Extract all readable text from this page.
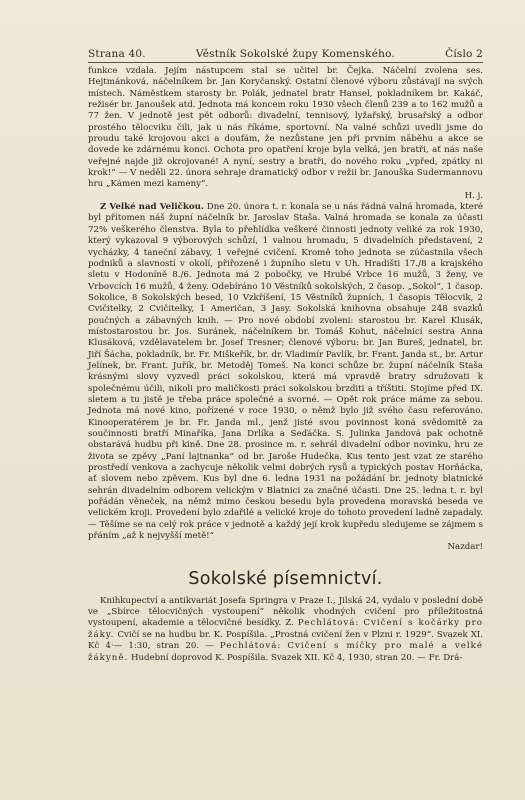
Strana 40.	Věstník Sokolské župy Komenského.	Číslo 2

funkce vzdala. Jejím nástupcem stal se učitel br. Čejka. Náčelní zvolena ses. Hejtmánková, náčelníkem br. Jan Koryčanský. Ostatní členové výboru zůstávají na svých místech. Náměstkem starosty br. Polák, jednatel bratr Hansel, pokladníkem br. Kakáč, režisér br. Janoušek atd. Jednota má koncem roku 1930 všech členů 239 a to 162 mužů a 77 žen. V jednotě jest pět odborů: divadelní, tennisový, lyžařský, brusařský a odbor prostého tělocviku čili, jak u nás říkáme, sportovní. Na valné schůzi uvedli jsme do proudu také krojovou akci a doufám, že nezůstane jen při prvním nāběhu a akce se dovede ke zdárnému konci. Ochota pro opatření kroje byla velká, jen bratři, ať nás naše veřejné najde již okrojované! A nyní, sestry a bratři, do nového roku „vpřed, zpátky ni krok!“ — V neděli 22. února sehraje dramatický odbor v režii br. Janouška Sudermannovu hru „Kámen mezi kameny“.

H. j.

Z Velké nad Veličkou. Dne 20. února t. r. konala se u nás řádná valná hromada, které byl přítomen náš župní náčelník br. Jaroslav Staša. Valná hromada se konala za účasti 72% veškerého členstva. Byla to přehlídka veškeré činnosti jednoty veliké za rok 1930, který vykazoval 9 výborových schůzí, 1 valnou hromadu, 5 divadelních představení, 2 vycházky, 4 taneční zábavy, 1 veřejné cvičení. Kromě toho jednota se zúčastnila všech podniků a slavností v okolí, přiřozeně i župního sletu v Uh. Hradišti 17./8 a krajského sletu v Hodoníně 8./6. Jednota má 2 pobočky, ve Hrubé Vrbce 16 mužů, 3 ženy, ve Vrbovcích 16 mužů, 4 ženy. Odebíráno 10 Věstníků sokolských, 2 časop. „Sokol“, 1 časop. Sokolice, 8 Sokolských besed, 10 Vzkříšení, 15 Věstníků župních, 1 časopis Tělocvik, 2 Cvičitelky, 2 Cvičitelky, 1 Američan, 3 Jasy. Sokolská knihovna obsahuje 248 svazků poučných a zábavných knih. — Pro nové období zvoleni: starostou br. Karel Klusák, místostarostou br. Jos. Suránek, náčelníkem br. Tomáš Kohut, náčelnicí sestra Anna Klusáková, vzdělavatelem br. Josef Tresner; členové výboru: br. Jan Bureš, jednatel, br. Jiří Šácha, pokladník, br. Fr. Miškeřík, br. dr. Vladimír Pavlík, br. Frant. Janda st., br. Artur Jelínek, br. Frant. Juřík, br. Metoděj Tomeš. Na konci schůze br. župní náčelník Staša krásnými slovy vyzvedl práci sokolskou, která má vpravdě bratry sdružovati k společnému účili, nikoli pro maličkosti práci sokolskou brzditi a tříštiti. Stojíme před IX. sletem a tu jistě je třeba práce společné a svorné. — Opět rok práce máme za sebou. Jednota má nové kino, pořízené v roce 1930, o němž bylo již svého času referováno. Kinooperatérem je br. Fr. Janda ml., jenž jisté svou povinnost koná svědomitě za součinnosti bratří Minaříka, Jana Drlíka a Seďáčka. S. Julinka Jandová pak ochotně obstarává hudbu při kině. Dne 28. prosince m. r. sehrál divadelní odbor novinku, hru ze života se zpěvy „Paní lajtnanka“ od br. Jaroše Hudečka. Kus tento jest vzat ze starého prostředí venkova a zachycuje několik velmi dobrých rysů a typických postav Horňácka, ať slovem nebo zpěvem. Kus byl dne 6. ledna 1931 na požádání br. jednoty blatnické sehrán divadelním odborem velickým v Blatnici za značné účasti. Dne 25. ledna t. r. byl pořádán věneček, na němž mimo českou besedu byla provedena moravská beseda ve velickém kroji. Provedení bylo zdařilé a velické kroje do tohoto provedení ladně zapadaly. — Těšíme se na celý rok práce v jednotě a každý její krok kupředu sledujeme se zájmem s přáním „až k nejvyšší metě!“

Nazdar!

Sokolské písemnictví.

Knihkupectví a antikvariát Josefa Springra v Praze I., Jilská 24, vydalo v poslední době ve „Sbírce tělocvičných vystoupení“ několik vhodných cvičení pro příležitostná vystoupení, akademie a tělocvičné besídky. Z. Pechlátová: Cvičení s kočárky pro žáky. Cvičí se na hudbu br. K. Pospíšila. „Prostná cvičení žen v Plzni r. 1929“. Svazek XI. Kč 4·— 1:30, stran 20. — Pechlátová: Cvičení s míčky pro malé a velké žákyně. Hudební doprovod K. Pospíšila. Svazek XII. Kč 4, 1930, stran 20. — Fr. Drá-
